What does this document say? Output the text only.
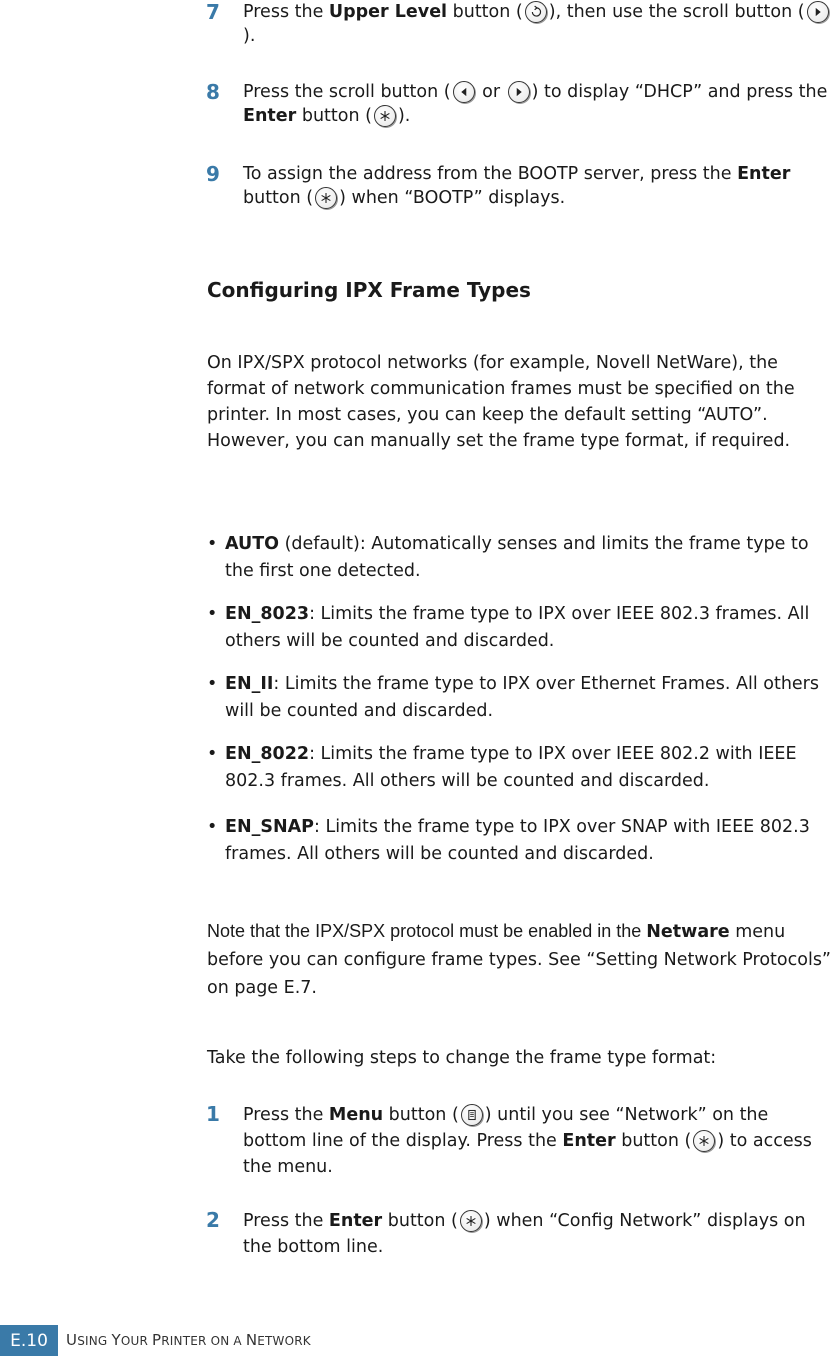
7 Press the Upper Level button ( ), then use the scroll button (
).
8 Press the scroll button (
or
) to display “DHCP” and press the Enter button ( ).
9 To assign the address from the BOOTP server, press the Enter button ( ) when “BOOTP” displays.
Configuring IPX Frame Types
On IPX/SPX protocol networks (for example, Novell NetWare), the format of network communication frames must be specified on the printer. In most cases, you can keep the default setting “AUTO”. However, you can manually set the frame type format, if required.
• AUTO (default): Automatically senses and limits the frame type to the first one detected.
• EN_8023: Limits the frame type to IPX over IEEE 802.3 frames. All others will be counted and discarded.
• EN_II: Limits the frame type to IPX over Ethernet Frames. All others will be counted and discarded.
• EN_8022: Limits the frame type to IPX over IEEE 802.2 with IEEE 802.3 frames. All others will be counted and discarded.
• EN_SNAP: Limits the frame type to IPX over SNAP with IEEE 802.3 frames. All others will be counted and discarded.
Note that the IPX/SPX protocol must be enabled in the Netware menu before you can configure frame types. See “Setting Network Protocols” on page E.7.
Take the following steps to change the frame type format:
1 Press the Menu button ( ) until you see “Network” on the bottom line of the display. Press the Enter button ( ) to access the menu.
2 Press the Enter button ( ) when “Config Network” displays on the bottom line.
E.10	USING YOUR PRINTER ON A NETWORK
